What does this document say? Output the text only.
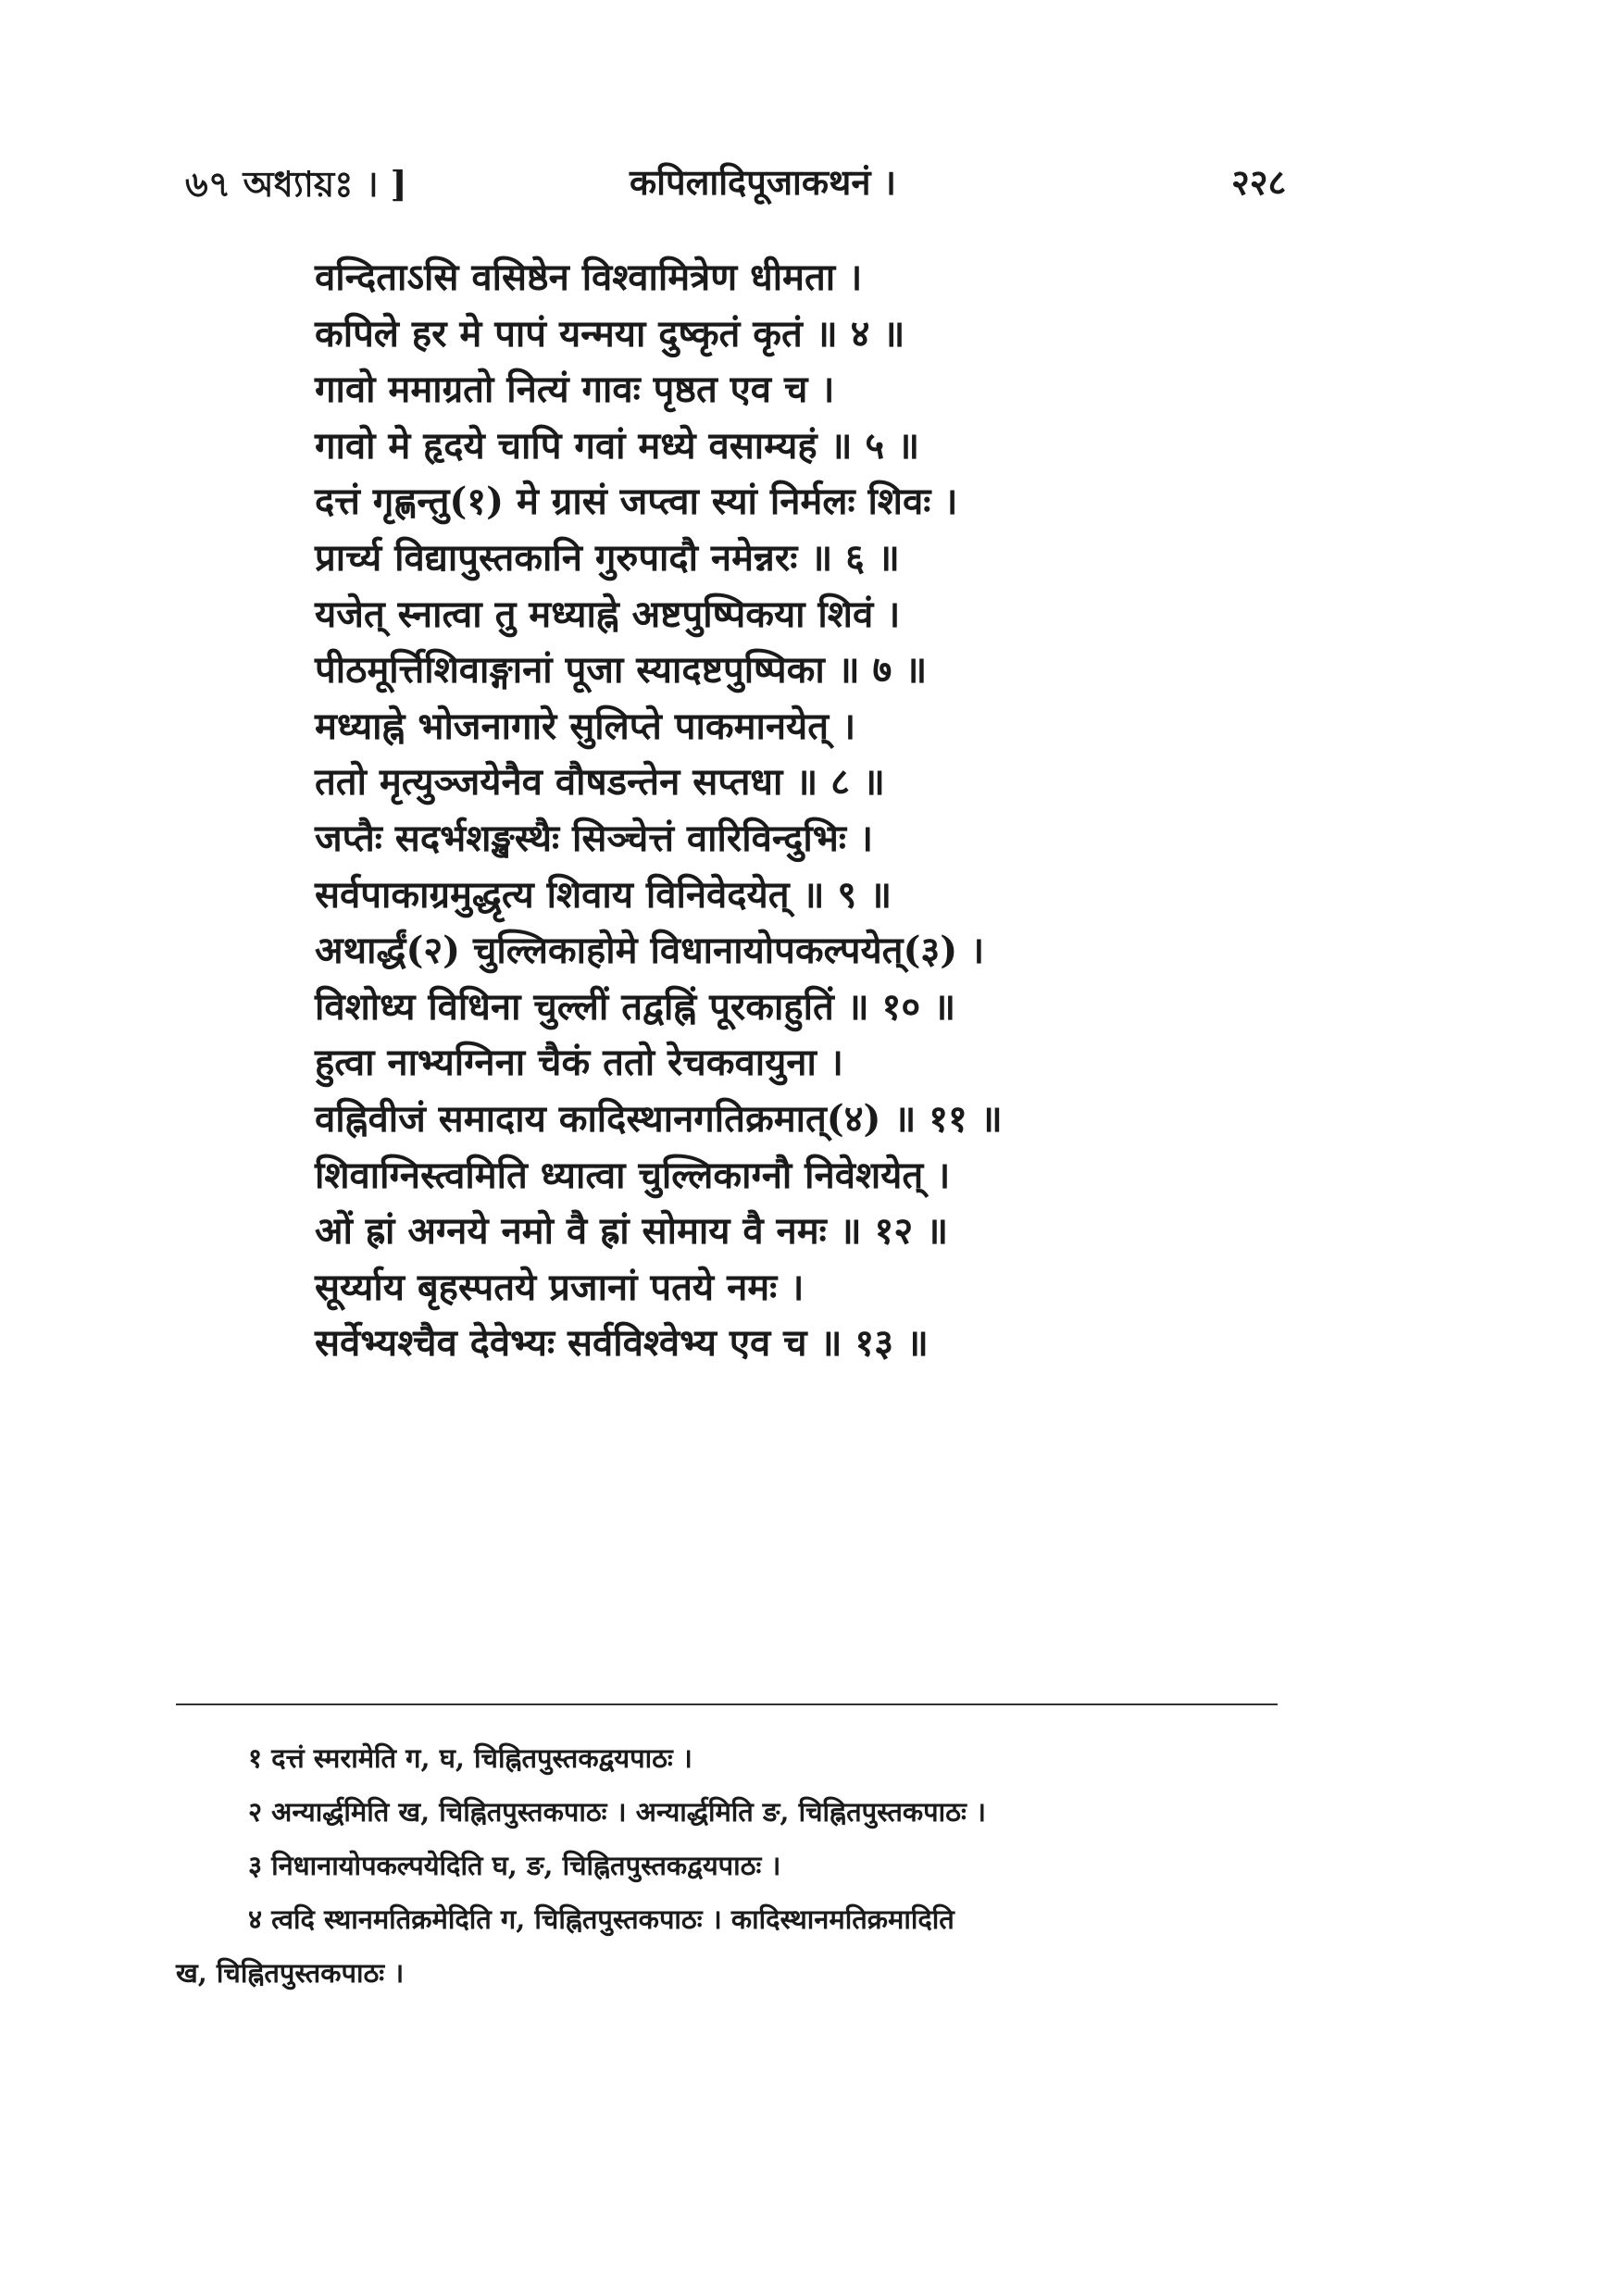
৬৭ অধ্যায়ঃ । ]	कपिलादिपूजाकथनं ।	२२८
वन्दिताऽसि वसिष्ठेन विश्वामित्रेण धीमता ।
कपिले हर मे पापं यन्मया दुष्कृतं कृतं ॥ ४ ॥
गावो ममाग्रतो नित्यं गावः पृष्ठत एव च ।
गावो मे हृदये चापि गवां मध्ये वसाम्यहं ॥ ५ ॥
दत्तं गृह्णन्तु(१) मे ग्रासं जप्त्वा स्यां निर्मलः शिवः ।
प्रार्च्य विद्यापुस्तकानि गुरुपादौ नमेन्नरः ॥ ६ ॥
यजेत् स्नात्वा तु मध्याह्ने अष्टपुष्पिकया शिवं ।
पीठमूर्त्तिशिवाङ्गानां पूजा स्यादष्टपुष्पिका ॥ ७ ॥
मध्याह्ने भोजनागारे सुलिप्ते पाकमानयेत् ।
ततो मृत्युञ्जयेनैव वौषडन्तेन सप्तधा ॥ ८ ॥
जप्तैः सदर्भशङ्खस्थैः सिञ्चेत्तं वारिविन्दुभिः ।
सर्वपाकाग्रमुद्धृत्य शिवाय विनिवेदयेत् ॥ ९ ॥
अथार्द्धं(२) चुल्लिकाहोमे विधानायोपकल्पयेत्(३) ।
विशोध्य विधिना चुल्लीं तद्वह्निं पूरकाहुतिं ॥ १० ॥
हुत्वा नाभ्यग्निना चैकं ततो रेचकवायुना ।
वह्निवीजं समादाय कादिस्थानगतिक्रमात्(४) ॥ ११ ॥
शिवाग्निस्त्वमिति ध्यात्वा चुल्लिकाग्नौ निवेशयेत् ।
ओं ह्रां अग्नये नमो वै ह्रां सोमाय वै नमः ॥ १२ ॥
सूर्य्याय बृहस्पतये प्रजानां पतये नमः ।
सर्वेभ्यश्चैव देवेभ्यः सर्वविश्वेभ्य एव च ॥ १३ ॥
१ दत्तं स्मरामेति ग, घ, चिह्नितपुस्तकद्वयपाठः ।
२ अन्यार्द्धमिति ख, चिह्नितपुस्तकपाठः । अन्यार्द्धमिति ङ, चिह्नितपुस्तकपाठः ।
३ निधानायोपकल्पयेदिति घ, ङ, चिह्नितपुस्तकद्वयपाठः ।
४ त्वदि स्थानमतिक्रमेदिति ग, चिह्नितपुस्तकपाठः । कादिस्थानमतिक्रमादिति
ख, चिह्नितपुस्तकपाठः ।
